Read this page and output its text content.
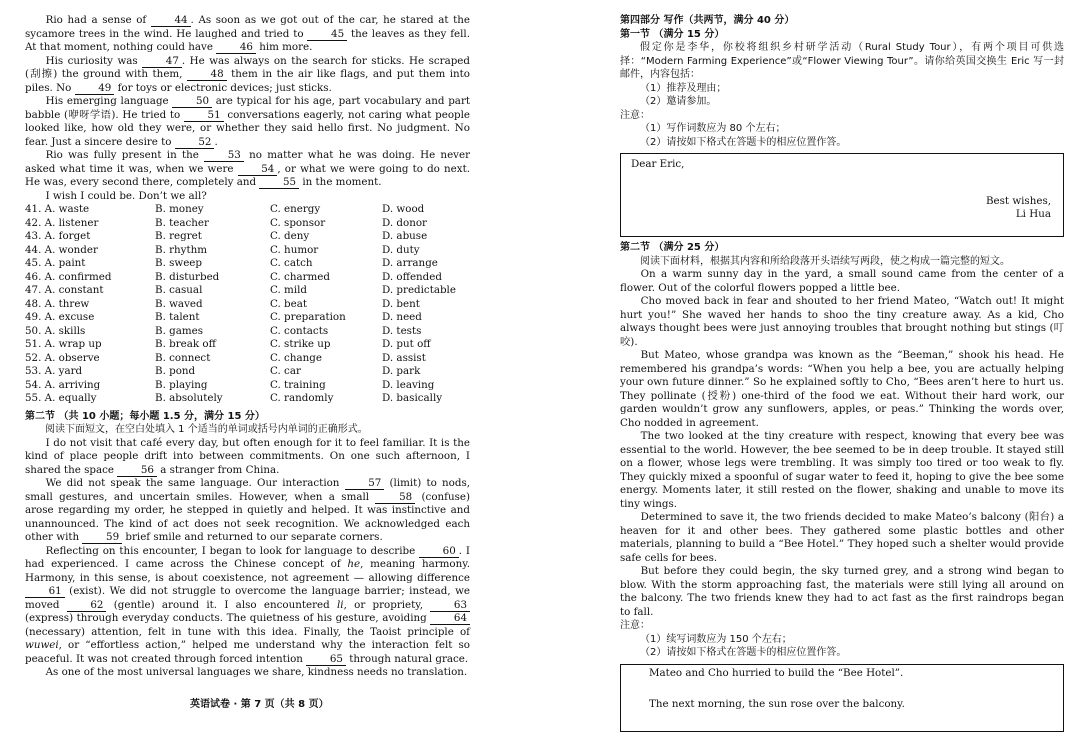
Rio had a sense of 44 . As soon as we got out of the car, he stared at the sycamore trees in the wind. He laughed and tried to 45 the leaves as they fell. At that moment, nothing could have 46 him more.

His curiosity was 47 . He was always on the search for sticks. He scraped (刮擦) the ground with them, 48 them in the air like flags, and put them into piles. No 49 for toys or electronic devices; just sticks.

His emerging language 50 are typical for his age, part vocabulary and part babble (咿呀学语). He tried to 51 conversations eagerly, not caring what people looked like, how old they were, or whether they said hello first. No judgment. No fear. Just a sincere desire to 52 .

Rio was fully present in the 53 no matter what he was doing. He never asked what time it was, when we were 54 , or what we were going to do next. He was, every second there, completely and 55 in the moment.

I wish I could be. Don’t we all?

41. A. waste	B. money	C. energy	D. wood
42. A. listener	B. teacher	C. sponsor	D. donor
43. A. forget	B. regret	C. deny	D. abuse
44. A. wonder	B. rhythm	C. humor	D. duty
45. A. paint	B. sweep	C. catch	D. arrange
46. A. confirmed	B. disturbed	C. charmed	D. offended
47. A. constant	B. casual	C. mild	D. predictable
48. A. threw	B. waved	C. beat	D. bent
49. A. excuse	B. talent	C. preparation	D. need
50. A. skills	B. games	C. contacts	D. tests
51. A. wrap up	B. break off	C. strike up	D. put off
52. A. observe	B. connect	C. change	D. assist
53. A. yard	B. pond	C. car	D. park
54. A. arriving	B. playing	C. training	D. leaving
55. A. equally	B. absolutely	C. randomly	D. basically
第二节 （共 10 小题；每小题 1.5 分，满分 15 分）

阅读下面短文，在空白处填入 1 个适当的单词或括号内单词的正确形式。

I do not visit that café every day, but often enough for it to feel familiar. It is the kind of place people drift into between commitments. On one such afternoon, I shared the space 56 a stranger from China.

We did not speak the same language. Our interaction 57 (limit) to nods, small gestures, and uncertain smiles. However, when a small 58 (confuse) arose regarding my order, he stepped in quietly and helped. It was instinctive and unannounced. The kind of act does not seek recognition. We acknowledged each other with 59 brief smile and returned to our separate corners.

Reflecting on this encounter, I began to look for language to describe 60 . I had experienced. I came across the Chinese concept of he, meaning harmony. Harmony, in this sense, is about coexistence, not agreement — allowing difference 61 (exist). We did not struggle to overcome the language barrier; instead, we moved 62 (gentle) around it. I also encountered li, or propriety, 63 (express) through everyday conducts. The quietness of his gesture, avoiding 64 (necessary) attention, felt in tune with this idea. Finally, the Taoist principle of wuwei, or “effortless action,” helped me understand why the interaction felt so peaceful. It was not created through forced intention 65 through natural grace.

As one of the most universal languages we share, kindness needs no translation.

英语试卷 · 第 7 页（共 8 页）
第四部分 写作（共两节，满分 40 分）
第一节 （满分 15 分）

假定你是李华，你校将组织乡村研学活动（Rural Study Tour），有两个项目可供选择：“Modern Farming Experience”或“Flower Viewing Tour”。请你给英国交换生 Eric 写一封邮件，内容包括：

（1）推荐及理由；

（2）邀请参加。

注意：

（1）写作词数应为 80 个左右；

（2）请按如下格式在答题卡的相应位置作答。

Dear Eric,
Best wishes,
Li Hua
第二节 （满分 25 分）

阅读下面材料，根据其内容和所给段落开头语续写两段，使之构成一篇完整的短文。

On a warm sunny day in the yard, a small sound came from the center of a flower. Out of the colorful flowers popped a little bee.

Cho moved back in fear and shouted to her friend Mateo, “Watch out! It might hurt you!” She waved her hands to shoo the tiny creature away. As a kid, Cho always thought bees were just annoying troubles that brought nothing but stings (叮咬).

But Mateo, whose grandpa was known as the “Beeman,” shook his head. He remembered his grandpa’s words: “When you help a bee, you are actually helping your own future dinner.” So he explained softly to Cho, “Bees aren’t here to hurt us. They pollinate (授粉) one-third of the food we eat. Without their hard work, our garden wouldn’t grow any sunflowers, apples, or peas.” Thinking the words over, Cho nodded in agreement.

The two looked at the tiny creature with respect, knowing that every bee was essential to the world. However, the bee seemed to be in deep trouble. It stayed still on a flower, whose legs were trembling. It was simply too tired or too weak to fly. They quickly mixed a spoonful of sugar water to feed it, hoping to give the bee some energy. Moments later, it still rested on the flower, shaking and unable to move its tiny wings.

Determined to save it, the two friends decided to make Mateo’s balcony (阳台) a heaven for it and other bees. They gathered some plastic bottles and other materials, planning to build a “Bee Hotel.” They hoped such a shelter would provide safe cells for bees.

But before they could begin, the sky turned grey, and a strong wind began to blow. With the storm approaching fast, the materials were still lying all around on the balcony. The two friends knew they had to act fast as the first raindrops began to fall.

注意：

（1）续写词数应为 150 个左右；

（2）请按如下格式在答题卡的相应位置作答。

Mateo and Cho hurried to build the “Bee Hotel”.
The next morning, the sun rose over the balcony.
